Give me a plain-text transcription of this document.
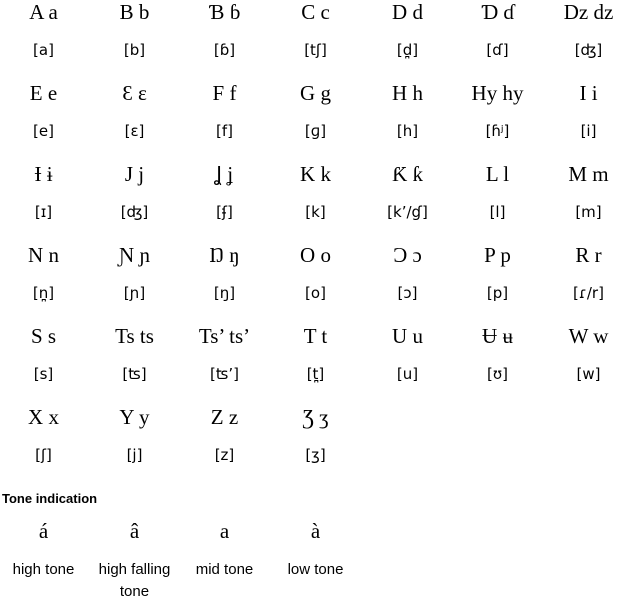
A a
[a]
B b
[b]
Ɓ ɓ
[ɓ]
C c
[tʃ]
D d
[d̪]
Ɗ ɗ
[ɗ]
Dz dz
[ʤ]
E e
[e]
Ɛ ɛ
[ɛ]
F f
[f]
G g
[ɡ]
H h
[h]
Hy hy
[ɦʲ]
I i
[i]
Ɨ ɨ
[ɪ]
J j
[ʤ]
Ʝ ʝ
[ʄ]
K k
[k]
Ƙ ƙ
[k’/ɠ]
L l
[l]
M m
[m]
N n
[n̪]
Ɲ ɲ
[ɲ]
Ŋ ŋ
[ŋ]
O o
[o]
Ɔ ɔ
[ɔ]
P p
[p]
R r
[ɾ/r]
S s
[s]
Ts ts
[ʦ]
Ts’ ts’
[ʦ’]
T t
[t̪]
U u
[u]
Ʉ ʉ
[ʊ]
W w
[w]
X x
[ʃ]
Y y
[j]
Z z
[z]
Ʒ ʒ
[ʒ]
Tone indication
á
high tone
â
high falling tone
a
mid tone
à
low tone
